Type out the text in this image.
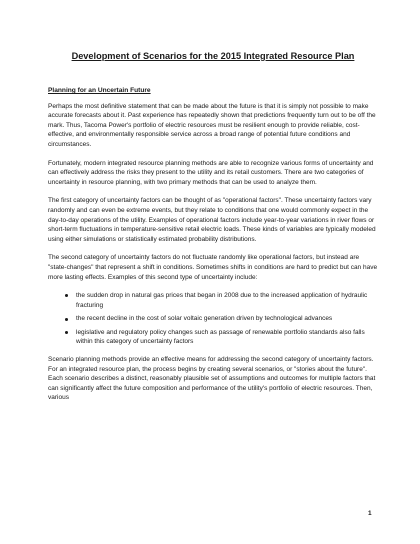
Development of Scenarios for the 2015 Integrated Resource Plan
Planning for an Uncertain Future

Perhaps the most definitive statement that can be made about the future is that it is simply not possible to make accurate forecasts about it. Past experience has repeatedly shown that predictions frequently turn out to be off the mark. Thus, Tacoma Power's portfolio of electric resources must be resilient enough to provide reliable, cost-effective, and environmentally responsible service across a broad range of potential future conditions and circumstances.

Fortunately, modern integrated resource planning methods are able to recognize various forms of uncertainty and can effectively address the risks they present to the utility and its retail customers. There are two categories of uncertainty in resource planning, with two primary methods that can be used to analyze them.

The first category of uncertainty factors can be thought of as "operational factors". These uncertainty factors vary randomly and can even be extreme events, but they relate to conditions that one would commonly expect in the day-to-day operations of the utility. Examples of operational factors include year-to-year variations in river flows or short-term fluctuations in temperature-sensitive retail electric loads. These kinds of variables are typically modeled using either simulations or statistically estimated probability distributions.

The second category of uncertainty factors do not fluctuate randomly like operational factors, but instead are "state-changes" that represent a shift in conditions. Sometimes shifts in conditions are hard to predict but can have more lasting effects. Examples of this second type of uncertainty include:

the sudden drop in natural gas prices that began in 2008 due to the increased application of hydraulic fracturing
the recent decline in the cost of solar voltaic generation driven by technological advances
legislative and regulatory policy changes such as passage of renewable portfolio standards also falls within this category of uncertainty factors

Scenario planning methods provide an effective means for addressing the second category of uncertainty factors. For an integrated resource plan, the process begins by creating several scenarios, or "stories about the future". Each scenario describes a distinct, reasonably plausible set of assumptions and outcomes for multiple factors that can significantly affect the future composition and performance of the utility's portfolio of electric resources. Then, various

1
